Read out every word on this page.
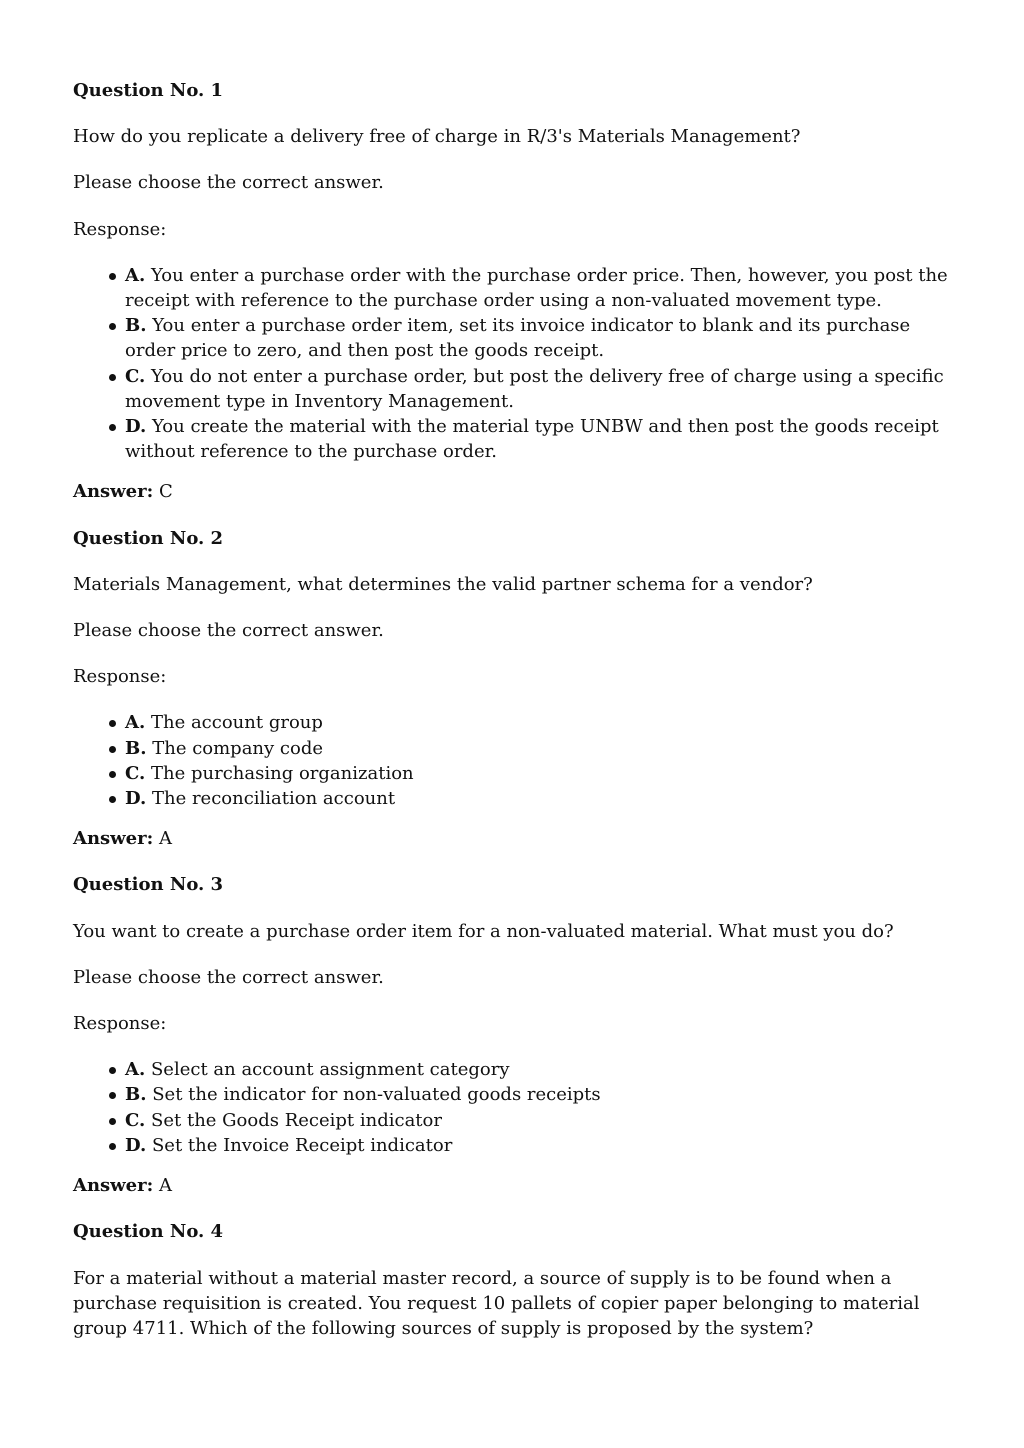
Question No. 1

How do you replicate a delivery free of charge in R/3's Materials Management?

Please choose the correct answer.

Response:

A. You enter a purchase order with the purchase order price. Then, however, you post the receipt with reference to the purchase order using a non-valuated movement type.
B. You enter a purchase order item, set its invoice indicator to blank and its purchase order price to zero, and then post the goods receipt.
C. You do not enter a purchase order, but post the delivery free of charge using a specific movement type in Inventory Management.
D. You create the material with the material type UNBW and then post the goods receipt without reference to the purchase order.

Answer: C

Question No. 2

Materials Management, what determines the valid partner schema for a vendor?

Please choose the correct answer.

Response:

A. The account group
B. The company code
C. The purchasing organization
D. The reconciliation account

Answer: A

Question No. 3

You want to create a purchase order item for a non-valuated material. What must you do?

Please choose the correct answer.

Response:

A. Select an account assignment category
B. Set the indicator for non-valuated goods receipts
C. Set the Goods Receipt indicator
D. Set the Invoice Receipt indicator

Answer: A

Question No. 4

For a material without a material master record, a source of supply is to be found when a purchase requisition is created. You request 10 pallets of copier paper belonging to material group 4711. Which of the following sources of supply is proposed by the system?
